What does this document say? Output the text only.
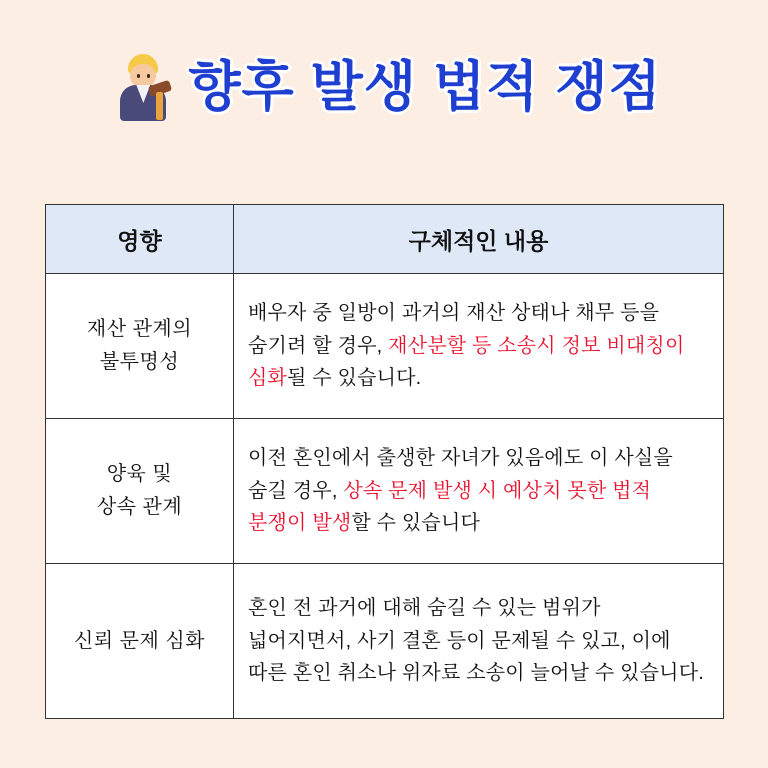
향후 발생 법적 쟁점
영향	구체적인 내용
재산 관계의
불투명성	배우자 중 일방이 과거의 재산 상태나 채무 등을 숨기려 할 경우, 재산분할 등 소송시 정보 비대칭이 심화될 수 있습니다.
양육 및
상속 관계	이전 혼인에서 출생한 자녀가 있음에도 이 사실을 숨길 경우, 상속 문제 발생 시 예상치 못한 법적 분쟁이 발생할 수 있습니다
신뢰 문제 심화	혼인 전 과거에 대해 숨길 수 있는 범위가 넓어지면서, 사기 결혼 등이 문제될 수 있고, 이에 따른 혼인 취소나 위자료 소송이 늘어날 수 있습니다.
